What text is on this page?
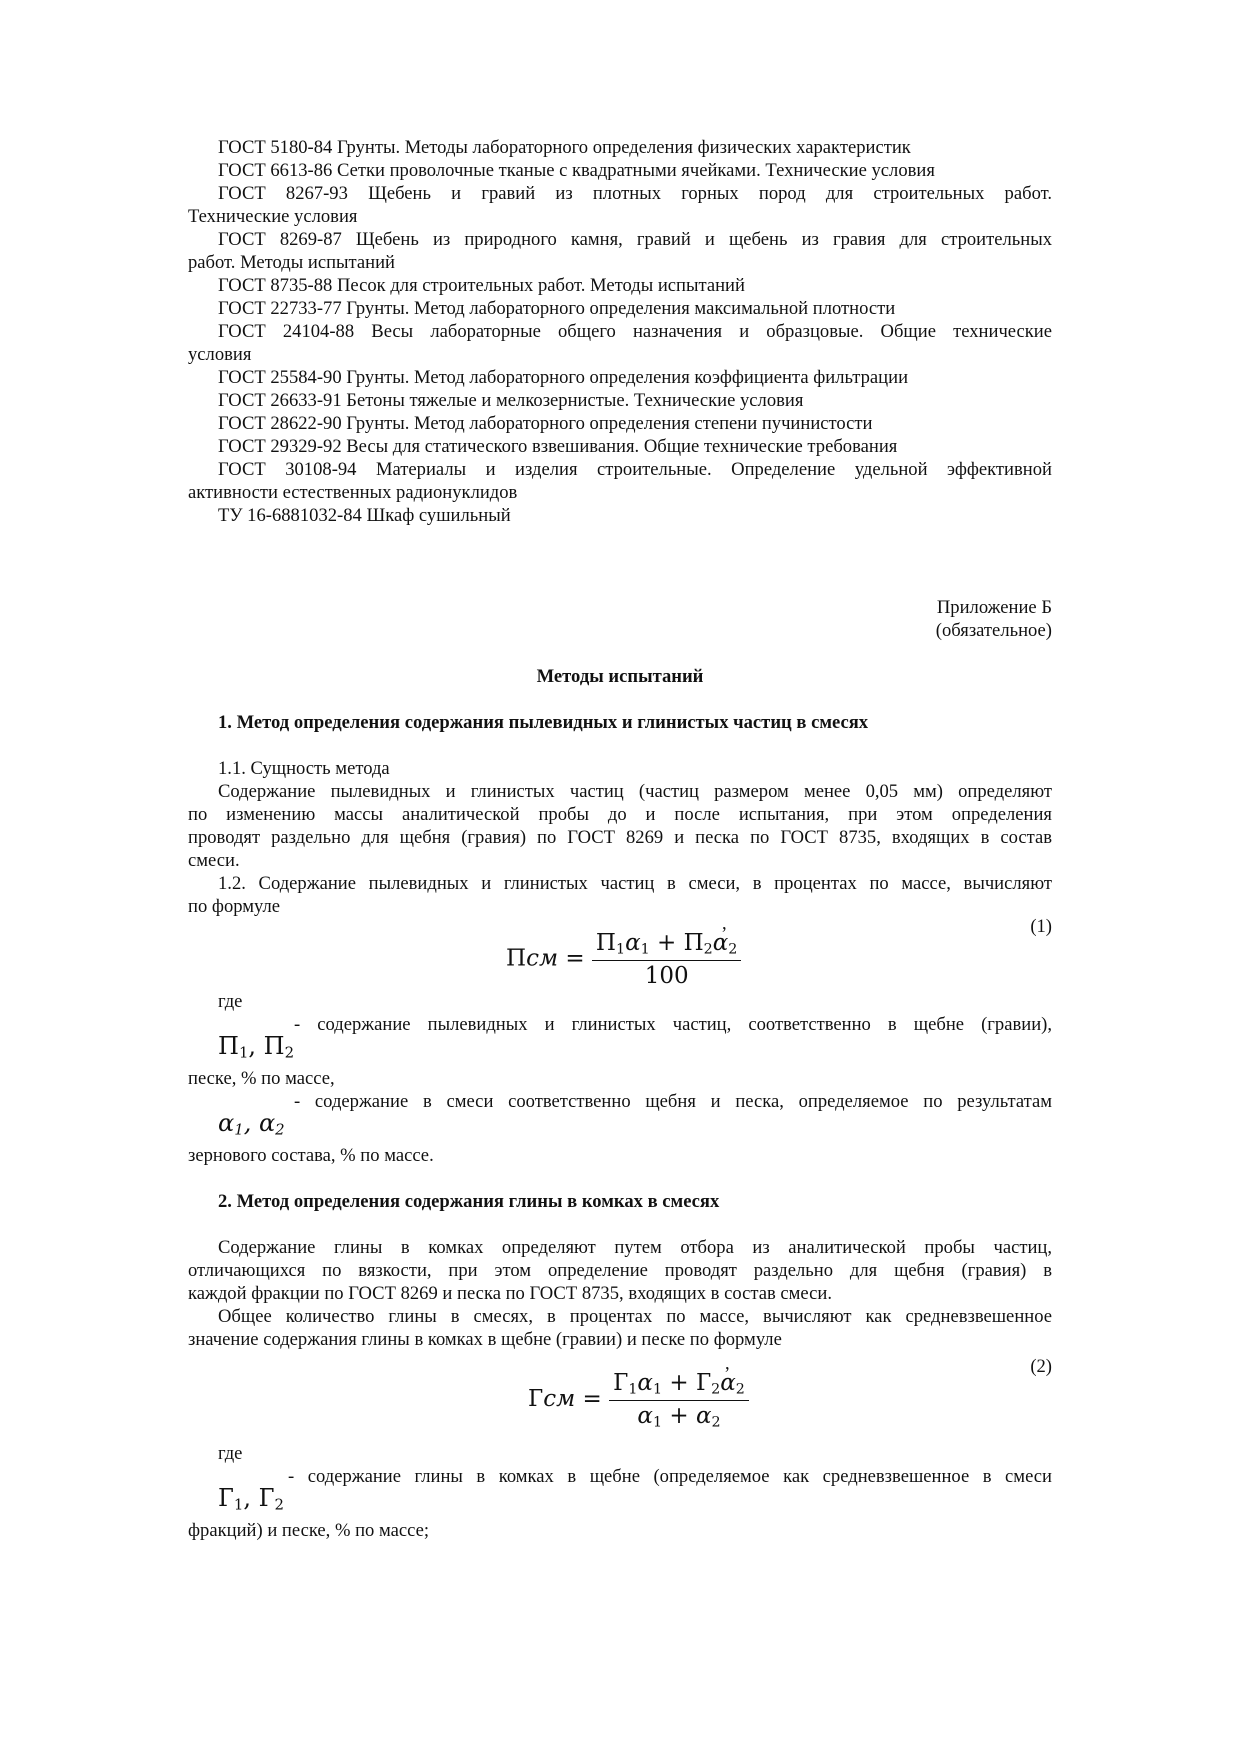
ГОСТ 5180-84 Грунты. Методы лабораторного определения физических характеристик
ГОСТ 6613-86 Сетки проволочные тканые с квадратными ячейками. Технические условия
ГОСТ 8267-93 Щебень и гравий из плотных горных пород для строительных работ.
Технические условия
ГОСТ 8269-87 Щебень из природного камня, гравий и щебень из гравия для строительных
работ. Методы испытаний
ГОСТ 8735-88 Песок для строительных работ. Методы испытаний
ГОСТ 22733-77 Грунты. Метод лабораторного определения максимальной плотности
ГОСТ 24104-88 Весы лабораторные общего назначения и образцовые. Общие технические
условия
ГОСТ 25584-90 Грунты. Метод лабораторного определения коэффициента фильтрации
ГОСТ 26633-91 Бетоны тяжелые и мелкозернистые. Технические условия
ГОСТ 28622-90 Грунты. Метод лабораторного определения степени пучинистости
ГОСТ 29329-92 Весы для статического взвешивания. Общие технические требования
ГОСТ 30108-94 Материалы и изделия строительные. Определение удельной эффективной
активности естественных радионуклидов
ТУ 16-6881032-84 Шкаф сушильный
Приложение Б
(обязательное)
Методы испытаний
1. Метод определения содержания пылевидных и глинистых частиц в смесях
1.1. Сущность метода
Содержание пылевидных и глинистых частиц (частиц размером менее 0,05 мм) определяют
по изменению массы аналитической пробы до и после испытания, при этом определения
проводят раздельно для щебня (гравия) по ГОСТ 8269 и песка по ГОСТ 8735, входящих в состав
смеси.
1.2. Содержание пылевидных и глинистых частиц в смеси, в процентах по массе, вычисляют
по формуле
Псм = $\frac{П_1\alpha_1 + П_2\alpha_2}{100}$
,	(1)
где
- содержание пылевидных и глинистых частиц, соответственно в щебне (гравии),
$П_1$, $П_2$
песке, % по массе,
- содержание в смеси соответственно щебня и песка, определяемое по результатам
$\alpha_1$, $\alpha_2$
зернового состава, % по массе.
2. Метод определения содержания глины в комках в смесях
Содержание глины в комках определяют путем отбора из аналитической пробы частиц,
отличающихся по вязкости, при этом определение проводят раздельно для щебня (гравия) в
каждой фракции по ГОСТ 8269 и песка по ГОСТ 8735, входящих в состав смеси.
Общее количество глины в смесях, в процентах по массе, вычисляют как средневзвешенное
значение содержания глины в комках в щебне (гравии) и песке по формуле
Гсм = $\frac{Г_1\alpha_1 + Г_2\alpha_2}{\alpha_1 + \alpha_2}$
,	(2)
где
- содержание глины в комках в щебне (определяемое как средневзвешенное в смеси
$Г_1$, $Г_2$
фракций) и песке, % по массе;
